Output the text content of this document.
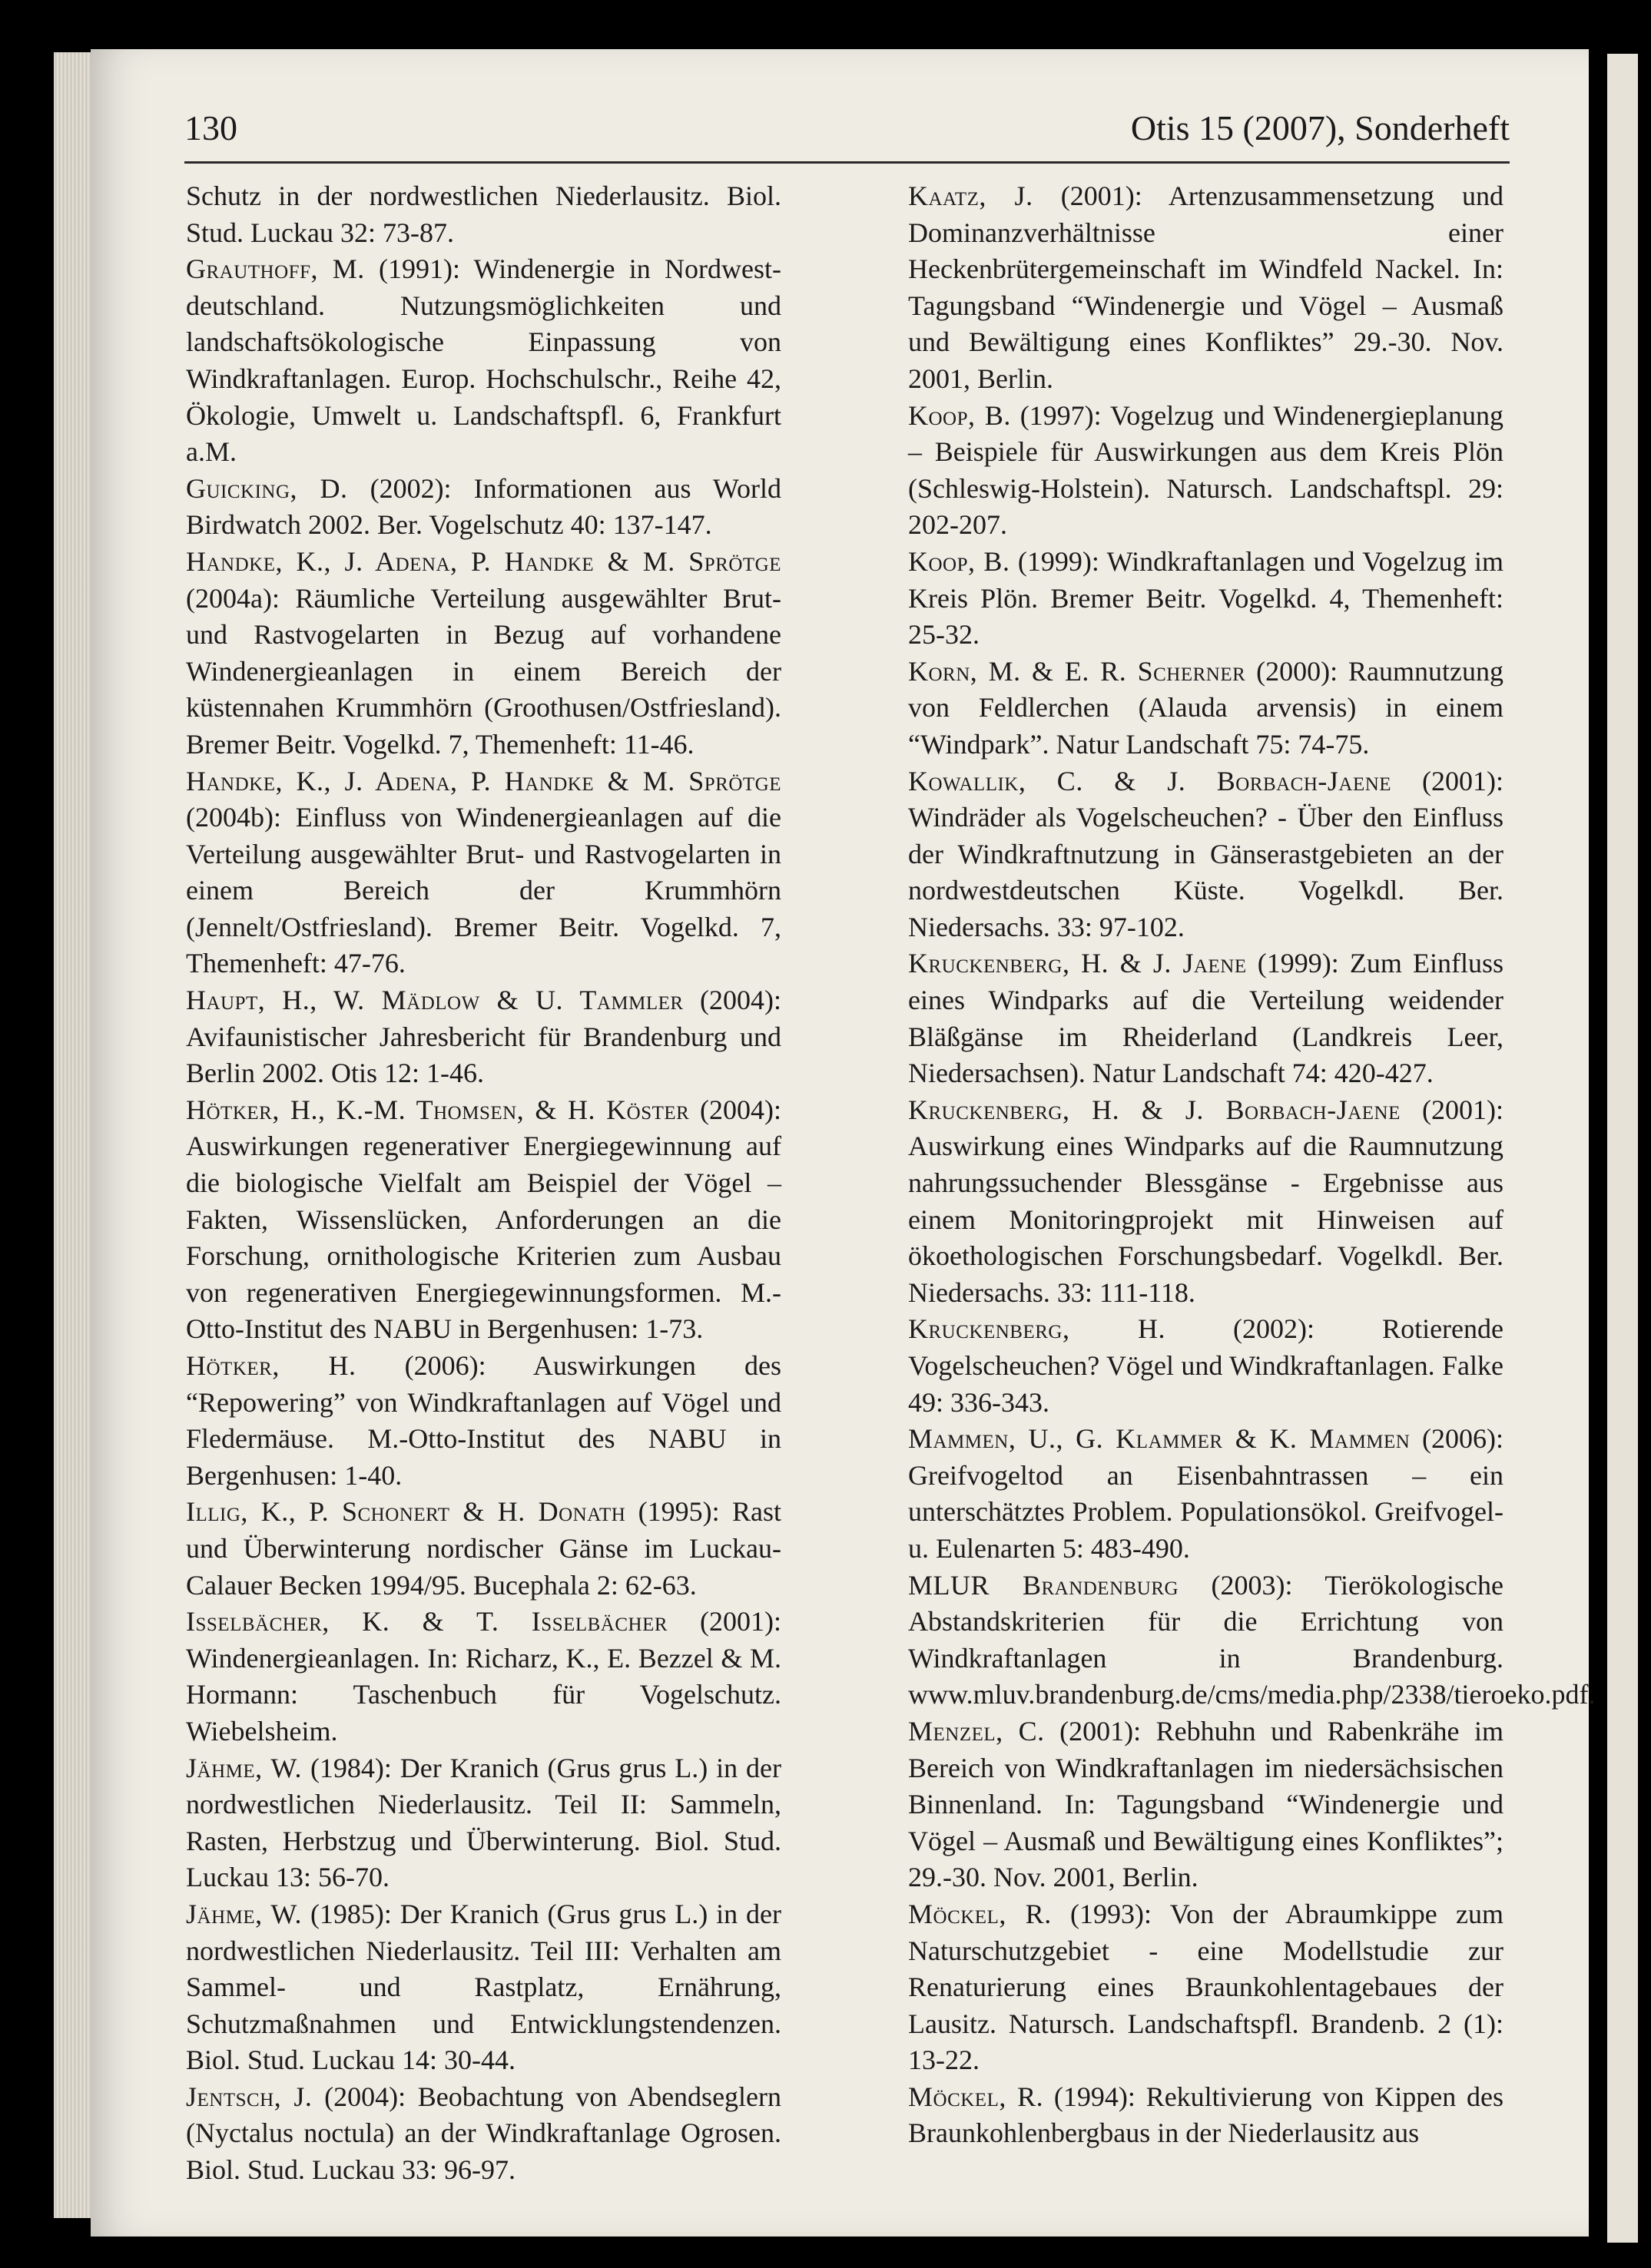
130	Otis 15 (2007), Sonderheft
Schutz in der nordwestlichen Niederlausitz. Biol. Stud. Luckau 32: 73-87.
Grauthoff, M. (1991): Windenergie in Nordwest-deutschland. Nutzungsmöglichkeiten und landschaftsökologische Einpassung von Windkraftanlagen. Europ. Hochschulschr., Reihe 42, Ökologie, Umwelt u. Landschaftspfl. 6, Frankfurt a.M.
Guicking, D. (2002): Informationen aus World Birdwatch 2002. Ber. Vogelschutz 40: 137-147.
Handke, K., J. Adena, P. Handke & M. Sprötge (2004a): Räumliche Verteilung ausgewählter Brut- und Rastvogelarten in Bezug auf vorhandene Windenergieanlagen in einem Bereich der küstennahen Krummhörn (Groothusen/Ostfriesland). Bremer Beitr. Vogelkd. 7, Themenheft: 11-46.
Handke, K., J. Adena, P. Handke & M. Sprötge (2004b): Einfluss von Windenergieanlagen auf die Verteilung ausgewählter Brut- und Rastvogelarten in einem Bereich der Krummhörn (Jennelt/Ostfriesland). Bremer Beitr. Vogelkd. 7, Themenheft: 47-76.
Haupt, H., W. Mädlow & U. Tammler (2004): Avifaunistischer Jahresbericht für Brandenburg und Berlin 2002. Otis 12: 1-46.
Hötker, H., K.-M. Thomsen, & H. Köster (2004): Auswirkungen regenerativer Energiegewinnung auf die biologische Vielfalt am Beispiel der Vögel – Fakten, Wissenslücken, Anforderungen an die Forschung, ornithologische Kriterien zum Ausbau von regenerativen Energiegewinnungsformen. M.-Otto-Institut des NABU in Bergenhusen: 1-73.
Hötker, H. (2006): Auswirkungen des “Repowering” von Windkraftanlagen auf Vögel und Fledermäuse. M.-Otto-Institut des NABU in Bergenhusen: 1-40.
Illig, K., P. Schonert & H. Donath (1995): Rast und Überwinterung nordischer Gänse im Luckau-Calauer Becken 1994/95. Bucephala 2: 62-63.
Isselbächer, K. & T. Isselbächer (2001): Windenergieanlagen. In: Richarz, K., E. Bezzel & M. Hormann: Taschenbuch für Vogelschutz. Wiebelsheim.
Jähme, W. (1984): Der Kranich (Grus grus L.) in der nordwestlichen Niederlausitz. Teil II: Sammeln, Rasten, Herbstzug und Überwinterung. Biol. Stud. Luckau 13: 56-70.
Jähme, W. (1985): Der Kranich (Grus grus L.) in der nordwestlichen Niederlausitz. Teil III: Verhalten am Sammel- und Rastplatz, Ernährung, Schutzmaßnahmen und Entwicklungstendenzen. Biol. Stud. Luckau 14: 30-44.
Jentsch, J. (2004): Beobachtung von Abendseglern (Nyctalus noctula) an der Windkraftanlage Ogrosen. Biol. Stud. Luckau 33: 96-97.
Kaatz, J. (2001): Artenzusammensetzung und Dominanzverhältnisse einer Heckenbrütergemeinschaft im Windfeld Nackel. In: Tagungsband “Windenergie und Vögel – Ausmaß und Bewältigung eines Konfliktes” 29.-30. Nov. 2001, Berlin.
Koop, B. (1997): Vogelzug und Windenergieplanung – Beispiele für Auswirkungen aus dem Kreis Plön (Schleswig-Holstein). Natursch. Landschaftspl. 29: 202-207.
Koop, B. (1999): Windkraftanlagen und Vogelzug im Kreis Plön. Bremer Beitr. Vogelkd. 4, Themenheft: 25-32.
Korn, M. & E. R. Scherner (2000): Raumnutzung von Feldlerchen (Alauda arvensis) in einem “Windpark”. Natur Landschaft 75: 74-75.
Kowallik, C. & J. Borbach-Jaene (2001): Windräder als Vogelscheuchen? - Über den Einfluss der Windkraftnutzung in Gänserastgebieten an der nordwestdeutschen Küste. Vogelkdl. Ber. Niedersachs. 33: 97-102.
Kruckenberg, H. & J. Jaene (1999): Zum Einfluss eines Windparks auf die Verteilung weidender Bläßgänse im Rheiderland (Landkreis Leer, Niedersachsen). Natur Landschaft 74: 420-427.
Kruckenberg, H. & J. Borbach-Jaene (2001): Auswirkung eines Windparks auf die Raumnutzung nahrungssuchender Blessgänse - Ergebnisse aus einem Monitoringprojekt mit Hinweisen auf ökoethologischen Forschungsbedarf. Vogelkdl. Ber. Niedersachs. 33: 111-118.
Kruckenberg, H. (2002): Rotierende Vogelscheuchen? Vögel und Windkraftanlagen. Falke 49: 336-343.
Mammen, U., G. Klammer & K. Mammen (2006): Greifvogeltod an Eisenbahntrassen – ein unterschätztes Problem. Populationsökol. Greifvogel- u. Eulenarten 5: 483-490.
MLUR Brandenburg (2003): Tierökologische Abstandskriterien für die Errichtung von Windkraftanlagen in Brandenburg. www.mluv.brandenburg.de/cms/media.php/2338/tieroeko.pdf.
Menzel, C. (2001): Rebhuhn und Rabenkrähe im Bereich von Windkraftanlagen im niedersächsischen Binnenland. In: Tagungsband “Windenergie und Vögel – Ausmaß und Bewältigung eines Konfliktes”; 29.-30. Nov. 2001, Berlin.
Möckel, R. (1993): Von der Abraumkippe zum Naturschutzgebiet - eine Modellstudie zur Renaturierung eines Braunkohlentagebaues der Lausitz. Natursch. Landschaftspfl. Brandenb. 2 (1): 13-22.
Möckel, R. (1994): Rekultivierung von Kippen des Braunkohlenbergbaus in der Niederlausitz aus
